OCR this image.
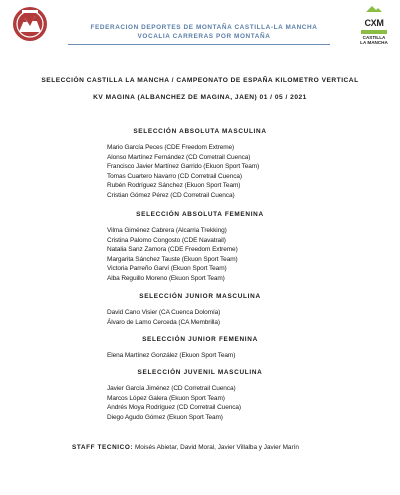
FEDERACION DEPORTES DE MONTAÑA CASTILLA-LA MANCHA
VOCALIA CARRERAS POR MONTAÑA
CXM
CASTILLA
LA MANCHA
SELECCIÓN CASTILLA LA MANCHA / CAMPEONATO DE ESPAÑA KILOMETRO VERTICAL
KV MAGINA (ALBANCHEZ DE MAGINA, JAEN) 01 / 05 / 2021
SELECCIÓN ABSOLUTA MASCULINA
Mario García Peces (CDE Freedom Extreme)
Alonso Martínez Fernández (CD Corretrail Cuenca)
Francisco Javier Martínez Garrido (Ekuon Sport Team)
Tomas Cuartero Navarro (CD Corretrail Cuenca)
Rubén Rodríguez Sánchez (Ekuon Sport Team)
Cristian Gómez Pérez (CD Corretrail Cuenca)
SELECCIÓN ABSOLUTA FEMENINA
Vilma Giménez Cabrera (Alcarria Trekking)
Cristina Palomo Congosto (CDE Navatrail)
Natalia Sanz Zamora (CDE Freedom Extreme)
Margarita Sánchez Tauste (Ekuon Sport Team)
Victoria Parreño Garví (Ekuon Sport Team)
Alba Reguillo Moreno (Ekuon Sport Team)
SELECCIÓN JUNIOR MASCULINA
David Cano Visier (CA Cuenca Dolomía)
Álvaro de Lamo Cerceda (CA Membrilla)
SELECCIÓN JUNIOR FEMENINA
Elena Martínez González (Ekuon Sport Team)
SELECCIÓN JUVENIL MASCULINA
Javier García Jiménez (CD Corretrail Cuenca)
Marcos López Galera (Ekuon Sport Team)
Andrés Moya Rodríguez (CD Corretrail Cuenca)
Diego Agudo Gómez (Ekuon Sport Team)
STAFF TECNICO: Moisés Abietar, David Moral, Javier Villalba y Javier Marín
